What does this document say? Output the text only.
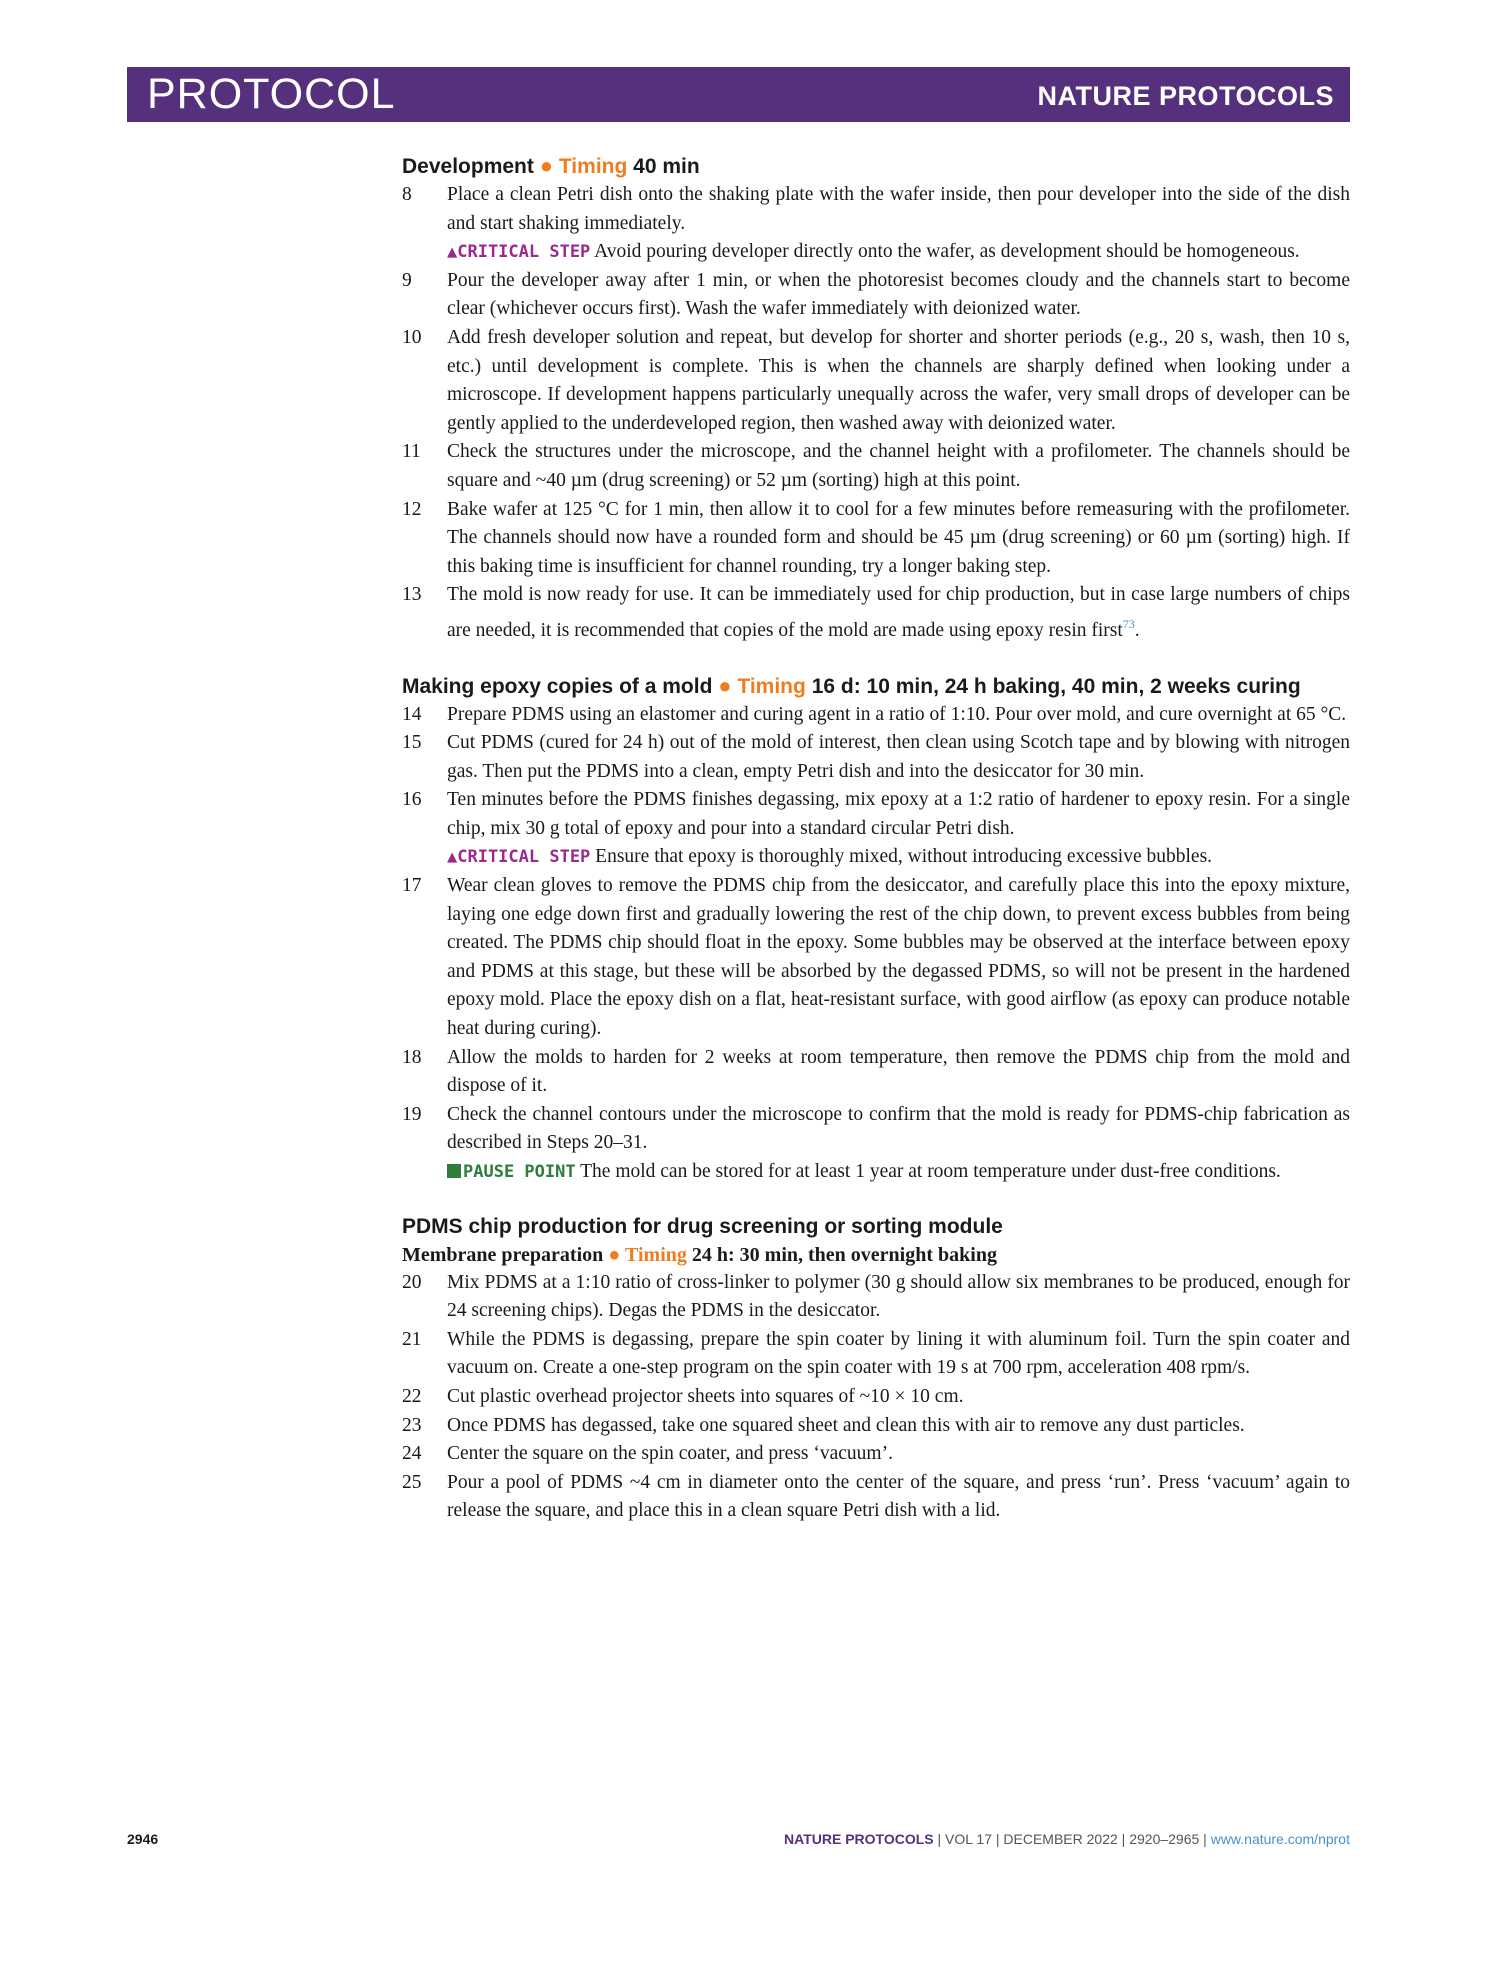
PROTOCOL	NATURE PROTOCOLS

Development ● Timing 40 min

8 Place a clean Petri dish onto the shaking plate with the wafer inside, then pour developer into the side of the dish and start shaking immediately.
▲CRITICAL STEP Avoid pouring developer directly onto the wafer, as development should be homogeneous.
9 Pour the developer away after 1 min, or when the photoresist becomes cloudy and the channels start to become clear (whichever occurs first). Wash the wafer immediately with deionized water.
10 Add fresh developer solution and repeat, but develop for shorter and shorter periods (e.g., 20 s, wash, then 10 s, etc.) until development is complete. This is when the channels are sharply defined when looking under a microscope. If development happens particularly unequally across the wafer, very small drops of developer can be gently applied to the underdeveloped region, then washed away with deionized water.
11 Check the structures under the microscope, and the channel height with a profilometer. The channels should be square and ~40 µm (drug screening) or 52 µm (sorting) high at this point.
12 Bake wafer at 125 °C for 1 min, then allow it to cool for a few minutes before remeasuring with the profilometer. The channels should now have a rounded form and should be 45 µm (drug screening) or 60 µm (sorting) high. If this baking time is insufficient for channel rounding, try a longer baking step.
13 The mold is now ready for use. It can be immediately used for chip production, but in case large numbers of chips are needed, it is recommended that copies of the mold are made using epoxy resin first$^{73}$.

Making epoxy copies of a mold ● Timing 16 d: 10 min, 24 h baking, 40 min, 2 weeks curing

14 Prepare PDMS using an elastomer and curing agent in a ratio of 1:10. Pour over mold, and cure overnight at 65 °C.
15 Cut PDMS (cured for 24 h) out of the mold of interest, then clean using Scotch tape and by blowing with nitrogen gas. Then put the PDMS into a clean, empty Petri dish and into the desiccator for 30 min.
16 Ten minutes before the PDMS finishes degassing, mix epoxy at a 1:2 ratio of hardener to epoxy resin. For a single chip, mix 30 g total of epoxy and pour into a standard circular Petri dish.
▲CRITICAL STEP Ensure that epoxy is thoroughly mixed, without introducing excessive bubbles.
17 Wear clean gloves to remove the PDMS chip from the desiccator, and carefully place this into the epoxy mixture, laying one edge down first and gradually lowering the rest of the chip down, to prevent excess bubbles from being created. The PDMS chip should float in the epoxy. Some bubbles may be observed at the interface between epoxy and PDMS at this stage, but these will be absorbed by the degassed PDMS, so will not be present in the hardened epoxy mold. Place the epoxy dish on a flat, heat-resistant surface, with good airflow (as epoxy can produce notable heat during curing).
18 Allow the molds to harden for 2 weeks at room temperature, then remove the PDMS chip from the mold and dispose of it.
19 Check the channel contours under the microscope to confirm that the mold is ready for PDMS-chip fabrication as described in Steps 20–31.
PAUSE POINT The mold can be stored for at least 1 year at room temperature under dust-free conditions.

PDMS chip production for drug screening or sorting module

Membrane preparation ● Timing 24 h: 30 min, then overnight baking

20 Mix PDMS at a 1:10 ratio of cross-linker to polymer (30 g should allow six membranes to be produced, enough for 24 screening chips). Degas the PDMS in the desiccator.
21 While the PDMS is degassing, prepare the spin coater by lining it with aluminum foil. Turn the spin coater and vacuum on. Create a one-step program on the spin coater with 19 s at 700 rpm, acceleration 408 rpm/s.
22 Cut plastic overhead projector sheets into squares of ~10 × 10 cm.
23 Once PDMS has degassed, take one squared sheet and clean this with air to remove any dust particles.
24 Center the square on the spin coater, and press ‘vacuum’.
25 Pour a pool of PDMS ~4 cm in diameter onto the center of the square, and press ‘run’. Press ‘vacuum’ again to release the square, and place this in a clean square Petri dish with a lid.
2946	NATURE PROTOCOLS | VOL 17 | DECEMBER 2022 | 2920–2965 | www.nature.com/nprot
